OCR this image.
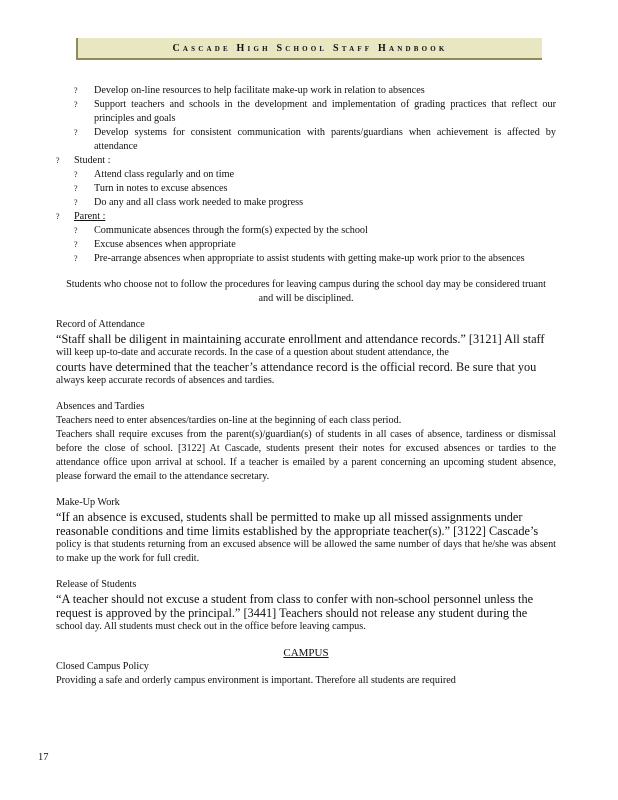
Cascade High School Staff Handbook
? Develop on-line resources to help facilitate make-up work in relation to absences
? Support teachers and schools in the development and implementation of grading practices that reflect our principles and goals
? Develop systems for consistent communication with parents/guardians when achievement is affected by attendance
? Student :
? Attend class regularly and on time
? Turn in notes to excuse absences
? Do any and all class work needed to make progress
? Parent :
? Communicate absences through the form(s) expected by the school
? Excuse absences when appropriate
? Pre-arrange absences when appropriate to assist students with getting make-up work prior to the absences
Students who choose not to follow the procedures for leaving campus during the school day may be considered truant and will be disciplined.
Record of Attendance
“Staff shall be diligent in maintaining accurate enrollment and attendance records.” [3121] All staff
will keep up-to-date and accurate records. In the case of a question about student attendance, the
courts have determined that the teacher’s attendance record is the official record. Be sure that you
always keep accurate records of absences and tardies.
Absences and Tardies
Teachers need to enter absences/tardies on-line at the beginning of each class period.
Teachers shall require excuses from the parent(s)/guardian(s) of students in all cases of absence, tardiness or dismissal before the close of school. [3122] At Cascade, students present their notes for excused absences or tardies to the attendance office upon arrival at school. If a teacher is emailed by a parent concerning an upcoming student absence, please forward the email to the attendance secretary.
Make-Up Work
“If an absence is excused, students shall be permitted to make up all missed assignments under reasonable conditions and time limits established by the appropriate teacher(s).” [3122] Cascade’s
policy is that students returning from an excused absence will be allowed the same number of days that he/she was absent to make up the work for full credit.
Release of Students
“A teacher should not excuse a student from class to confer with non-school personnel unless the request is approved by the principal.” [3441] Teachers should not release any student during the
school day. All students must check out in the office before leaving campus.
CAMPUS
Closed Campus Policy
Providing a safe and orderly campus environment is important. Therefore all students are required
17
